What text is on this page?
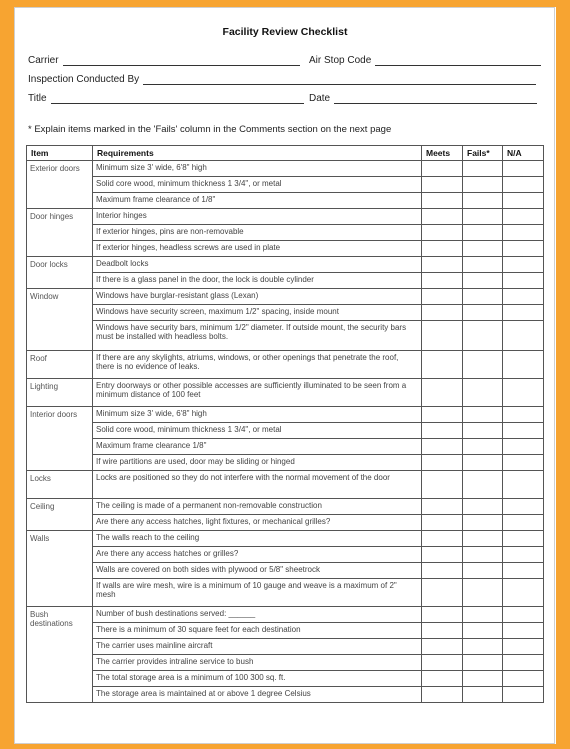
Facility Review Checklist
Carrier	Air Stop Code
Inspection Conducted By
Title	Date
* Explain items marked in the 'Fails' column in the Comments section on the next page
Item	Requirements	Meets	Fails*	N/A
Exterior doors	Minimum size 3' wide, 6'8" high			
	Solid core wood, minimum thickness 1 3/4", or metal			
	Maximum frame clearance of 1/8"			
Door hinges	Interior hinges			
	If exterior hinges, pins are non-removable			
	If exterior hinges, headless screws are used in plate			
Door locks	Deadbolt locks			
	If there is a glass panel in the door, the lock is double cylinder			
Window	Windows have burglar-resistant glass (Lexan)			
	Windows have security screen, maximum 1/2" spacing, inside mount			
	Windows have security bars, minimum 1/2" diameter. If outside mount, the security bars must be installed with headless bolts.			
Roof	If there are any skylights, atriums, windows, or other openings that penetrate the roof, there is no evidence of leaks.			
Lighting	Entry doorways or other possible accesses are sufficiently illuminated to be seen from a minimum distance of 100 feet			
Interior doors	Minimum size 3' wide, 6'8" high			
	Solid core wood, minimum thickness 1 3/4", or metal			
	Maximum frame clearance 1/8"			
	If wire partitions are used, door may be sliding or hinged			
Locks	Locks are positioned so they do not interfere with the normal movement of the door			
Ceiling	The ceiling is made of a permanent non-removable construction			
	Are there any access hatches, light fixtures, or mechanical grilles?			
Walls	The walls reach to the ceiling			
	Are there any access hatches or grilles?			
	Walls are covered on both sides with plywood or 5/8" sheetrock			
	If walls are wire mesh, wire is a minimum of 10 gauge and weave is a maximum of 2" mesh			
Bush destinations	Number of bush destinations served: ______			
	There is a minimum of 30 square feet for each destination			
	The carrier uses mainline aircraft			
	The carrier provides intraline service to bush			
	The total storage area is a minimum of 100 300 sq. ft.			
	The storage area is maintained at or above 1 degree Celsius			
